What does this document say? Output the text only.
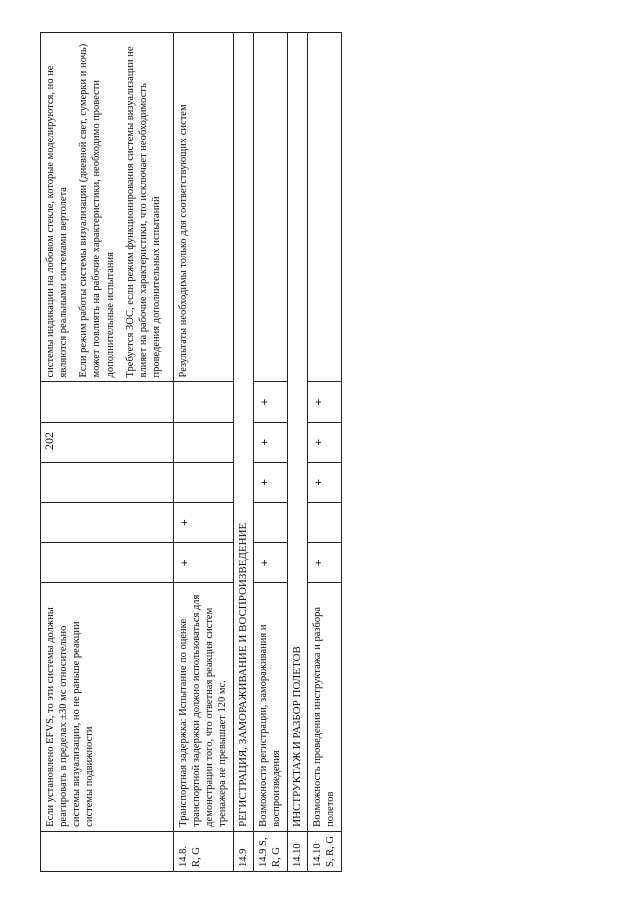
202
	Если установлено EFVS, то эти системы должны реагировать в пределах ±30 мс относительно системы визуализации, но не раньше реакции системы подвижности						системы индикации на лобовом стекле, которые моделируются, но не являются реальными системами вертолета Если режим работы системы визуализации (дневной свет, сумерки и ночь) может повлиять на рабочие характеристики, необходимо провести дополнительные испытания Требуется ЗОС, если режим функционирования системы визуализации не влияет на рабочие характеристики, что исключает необходимость проведения дополнительных испытаний

14.8. R, G	Транспортная задержка: Испытание по оценке транспортной задержки должно использоваться для демонстрации того, что ответная реакция систем тренажера не превышает 120 мс.	+	+				Результаты необходимы только для соответствующих систем

14.9	РЕГИСТРАЦИЯ, ЗАМОРАЖИВАНИЕ И ВОСПРОИЗВЕДЕНИЕ						
14.9 S, R, G	Возможности регистрации, замораживания и воспроизведения	+		+	+	+	
14.10	ИНСТРУКТАЖ И РАЗБОР ПОЛЕТОВ						
14.10 S, R, G	Возможность проведения инструктажа и разбора полетов	+		+	+	+	
